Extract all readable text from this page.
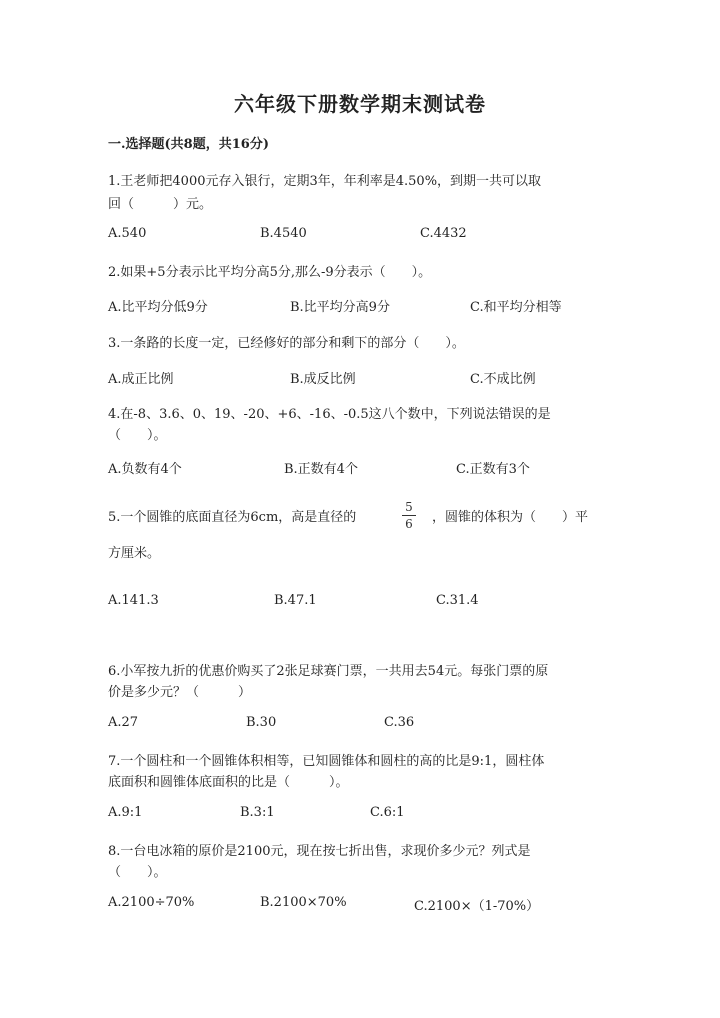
六年级下册数学期末测试卷
一.选择题(共8题，共16分)
1.王老师把4000元存入银行，定期3年，年利率是4.50%，到期一共可以取
回（　　　）元。
A.540	B.4540	C.4432
2.如果+5分表示比平均分高5分,那么-9分表示（　　）。
A.比平均分低9分	B.比平均分高9分	C.和平均分相等
3.一条路的长度一定，已经修好的部分和剩下的部分（　　）。
A.成正比例	B.成反比例	C.不成比例
4.在-8、3.6、0、19、-20、+6、-16、-0.5这八个数中，下列说法错误的是
（　　）。
A.负数有4个	B.正数有4个	C.正数有3个
5.一个圆锥的底面直径为6cm，高是直径的
5
6 ，圆锥的体积为（　　）平
方厘米。
A.141.3	B.47.1	C.31.4
6.小军按九折的优惠价购买了2张足球赛门票，一共用去54元。每张门票的原
价是多少元？（　　　）
A.27	B.30	C.36
7.一个圆柱和一个圆锥体积相等，已知圆锥体和圆柱的高的比是9:1，圆柱体
底面积和圆锥体底面积的比是（　　　）。
A.9:1	B.3:1	C.6:1
8.一台电冰箱的原价是2100元，现在按七折出售，求现价多少元？列式是
（　　）。
A.2100÷70%	B.2100×70%	C.2100×（1-70%）
